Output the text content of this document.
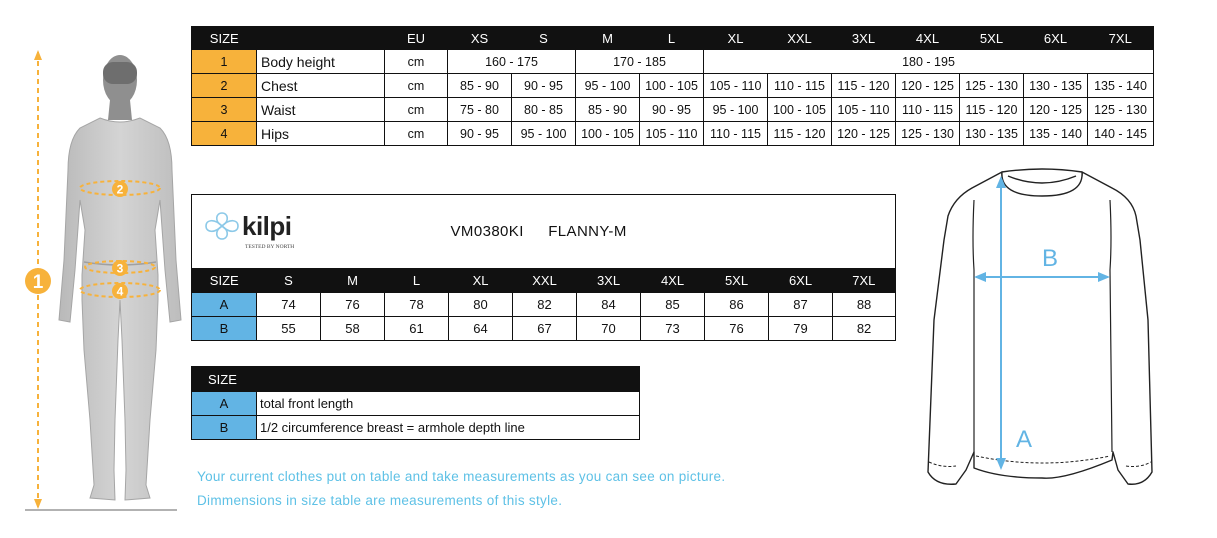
2
3
4
1
SIZE		EU	XS	S	M	L	XL	XXL	3XL	4XL	5XL	6XL	7XL
1	Body height	cm	160 - 175		170 - 185		180 - 195						
2	Chest	cm	85 - 90	90 - 95	95 - 100	100 - 105	105 - 110	110 - 115	115 - 120	120 - 125	125 - 130	130 - 135	135 - 140
3	Waist	cm	75 - 80	80 - 85	85 - 90	90 - 95	95 - 100	100 - 105	105 - 110	110 - 115	115 - 120	120 - 125	125 - 130
4	Hips	cm	90 - 95	95 - 100	100 - 105	105 - 110	110 - 115	115 - 120	120 - 125	125 - 130	130 - 135	135 - 140	140 - 145
kilpi
TESTED BY NORTH			VM0380KI FLANNY-M							
SIZE	S	M	L	XL	XXL	3XL	4XL	5XL	6XL	7XL
A	74	76	78	80	82	84	85	86	87	88
B	55	58	61	64	67	70	73	76	79	82
SIZE	
A	total front length
B	1/2 circumference breast = armhole depth line
Your current clothes put on table and take measurements as you can see on picture.
Dimmensions in size table are measurements of this style.
B
A
